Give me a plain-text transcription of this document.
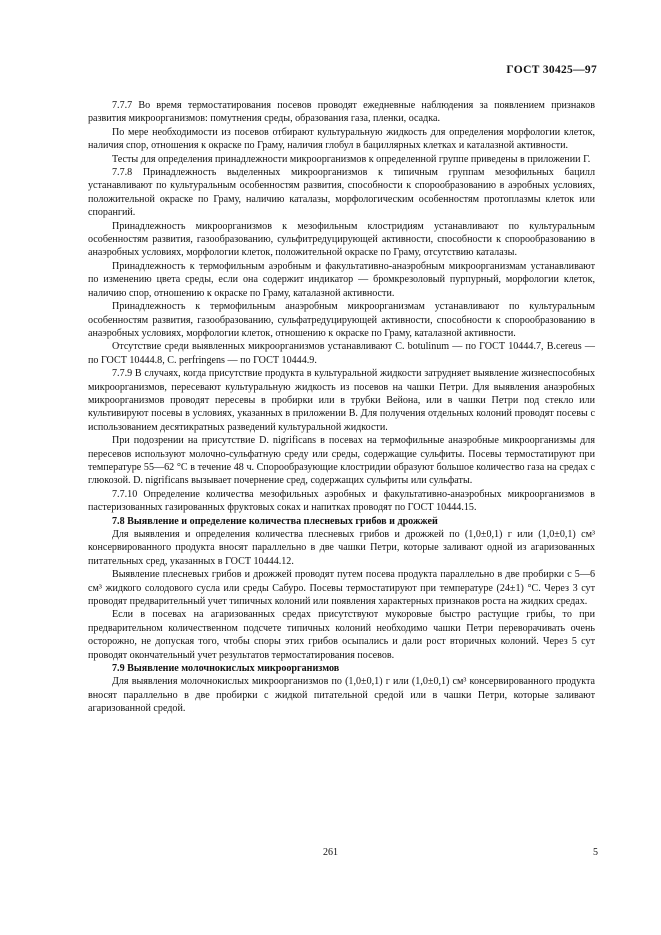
ГОСТ 30425—97

7.7.7 Во время термостатирования посевов проводят ежедневные наблюдения за появлением признаков развития микроорганизмов: помутнения среды, образования газа, пленки, осадка.

По мере необходимости из посевов отбирают культуральную жидкость для определения морфологии клеток, наличия спор, отношения к окраске по Граму, наличия глобул в бациллярных клетках и каталазной активности.

Тесты для определения принадлежности микроорганизмов к определенной группе приведены в приложении Г.

7.7.8 Принадлежность выделенных микроорганизмов к типичным группам мезофильных бацилл устанавливают по культуральным особенностям развития, способности к спорообразованию в аэробных условиях, положительной окраске по Граму, наличию каталазы, морфологическим особенностям протоплазмы клеток или спорангий.

Принадлежность микроорганизмов к мезофильным клостридиям устанавливают по культуральным особенностям развития, газообразованию, сульфитредуцирующей активности, способности к спорообразованию в анаэробных условиях, морфологии клеток, положительной окраске по Граму, отсутствию каталазы.

Принадлежность к термофильным аэробным и факультативно-анаэробным микроорганизмам устанавливают по изменению цвета среды, если она содержит индикатор — бромкрезоловый пурпурный, морфологии клеток, наличию спор, отношению к окраске по Граму, каталазной активности.

Принадлежность к термофильным анаэробным микроорганизмам устанавливают по культуральным особенностям развития, газообразованию, сульфатредуцирующей активности, способности к спорообразованию в анаэробных условиях, морфологии клеток, отношению к окраске по Граму, каталазной активности.

Отсутствие среди выявленных микроорганизмов устанавливают C. botulinum — по ГОСТ 10444.7, B.cereus — по ГОСТ 10444.8, C. perfringens — по ГОСТ 10444.9.

7.7.9 В случаях, когда присутствие продукта в культуральной жидкости затрудняет выявление жизнеспособных микроорганизмов, пересевают культуральную жидкость из посевов на чашки Петри. Для выявления анаэробных микроорганизмов проводят пересевы в пробирки или в трубки Вейона, или в чашки Петри под стекло или культивируют посевы в условиях, указанных в приложении В. Для получения отдельных колоний проводят посевы с использованием десятикратных разведений культуральной жидкости.

При подозрении на присутствие D. nigrificans в посевах на термофильные анаэробные микроорганизмы для пересевов используют молочно-сульфатную среду или среды, содержащие сульфиты. Посевы термостатируют при температуре 55—62 °С в течение 48 ч. Спорообразующие клостридии образуют большое количество газа на средах с глюкозой. D. nigrificans вызывает почернение сред, содержащих сульфиты или сульфаты.

7.7.10 Определение количества мезофильных аэробных и факультативно-анаэробных микроорганизмов в пастеризованных газированных фруктовых соках и напитках проводят по ГОСТ 10444.15.

7.8 Выявление и определение количества плесневых грибов и дрожжей

Для выявления и определения количества плесневых грибов и дрожжей по (1,0±0,1) г или (1,0±0,1) см³ консервированного продукта вносят параллельно в две чашки Петри, которые заливают одной из агаризованных питательных сред, указанных в ГОСТ 10444.12.

Выявление плесневых грибов и дрожжей проводят путем посева продукта параллельно в две пробирки с 5—6 см³ жидкого солодового сусла или среды Сабуро. Посевы термостатируют при температуре (24±1) °С. Через 3 сут проводят предварительный учет типичных колоний или появления характерных признаков роста на жидких средах.

Если в посевах на агаризованных средах присутствуют мукоровые быстро растущие грибы, то при предварительном количественном подсчете типичных колоний необходимо чашки Петри переворачивать очень осторожно, не допуская того, чтобы споры этих грибов осыпались и дали рост вторичных колоний. Через 5 сут проводят окончательный учет результатов термостатирования посевов.

7.9 Выявление молочнокислых микроорганизмов

Для выявления молочнокислых микроорганизмов по (1,0±0,1) г или (1,0±0,1) см³ консервированного продукта вносят параллельно в две пробирки с жидкой питательной средой или в чашки Петри, которые заливают агаризованной средой.

261	5
